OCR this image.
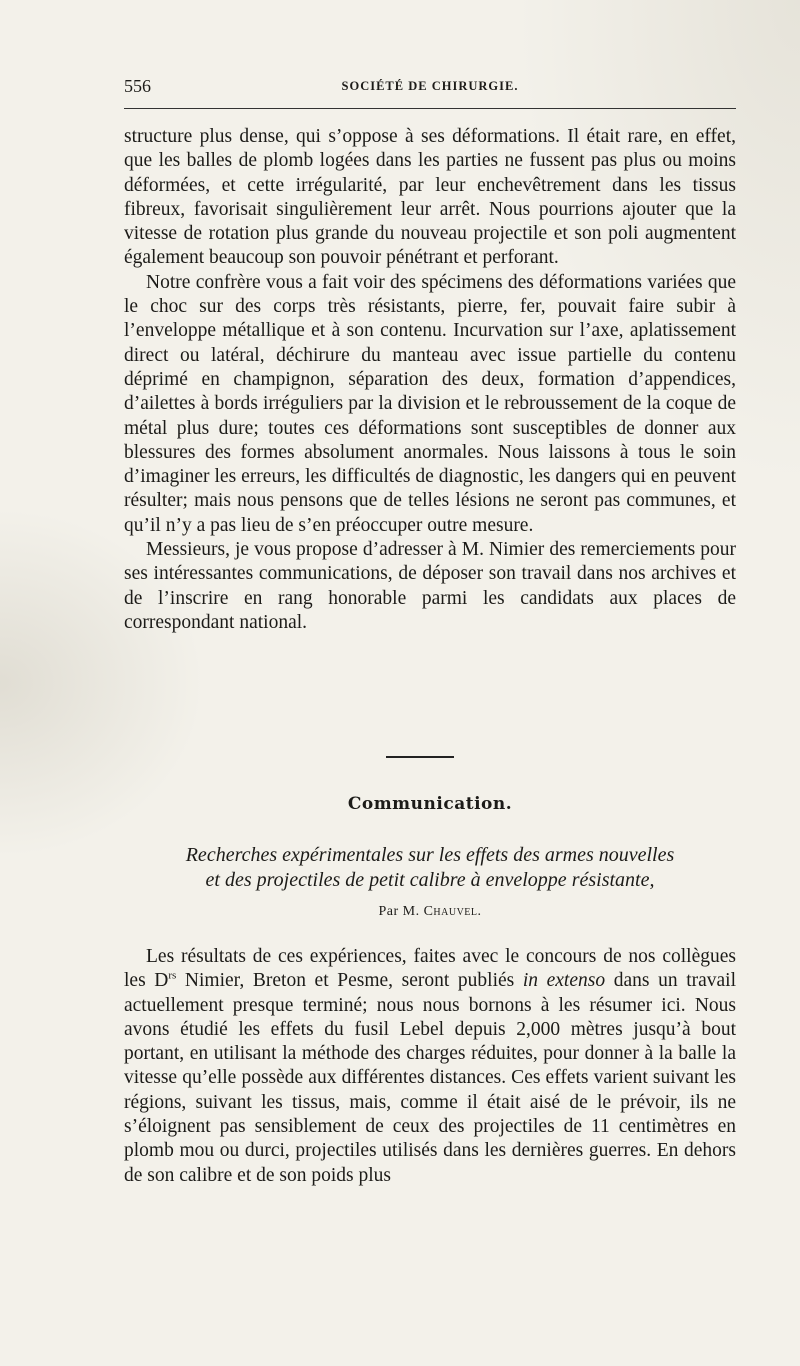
556	SOCIÉTÉ DE CHIRURGIE.

structure plus dense, qui s’oppose à ses déformations. Il était rare, en effet, que les balles de plomb logées dans les parties ne fussent pas plus ou moins déformées, et cette irrégularité, par leur enchevêtrement dans les tissus fibreux, favorisait singulièrement leur arrêt. Nous pourrions ajouter que la vitesse de rotation plus grande du nouveau projectile et son poli augmentent également beaucoup son pouvoir pénétrant et perforant.

Notre confrère vous a fait voir des spécimens des déformations variées que le choc sur des corps très résistants, pierre, fer, pouvait faire subir à l’enveloppe métallique et à son contenu. Incurvation sur l’axe, aplatissement direct ou latéral, déchirure du manteau avec issue partielle du contenu déprimé en champignon, séparation des deux, formation d’appendices, d’ailettes à bords irréguliers par la division et le rebroussement de la coque de métal plus dure; toutes ces déformations sont susceptibles de donner aux blessures des formes absolument anormales. Nous laissons à tous le soin d’imaginer les erreurs, les difficultés de diagnostic, les dangers qui en peuvent résulter; mais nous pensons que de telles lésions ne seront pas communes, et qu’il n’y a pas lieu de s’en préoccuper outre mesure.

Messieurs, je vous propose d’adresser à M. Nimier des remerciements pour ses intéressantes communications, de déposer son travail dans nos archives et de l’inscrire en rang honorable parmi les candidats aux places de correspondant national.

Communication.
Recherches expérimentales sur les effets des armes nouvelles
et des projectiles de petit calibre à enveloppe résistante,
Par M. Chauvel.

Les résultats de ces expériences, faites avec le concours de nos collègues les $D^{rs}$ Nimier, Breton et Pesme, seront publiés in extenso dans un travail actuellement presque terminé; nous nous bornons à les résumer ici. Nous avons étudié les effets du fusil Lebel depuis 2,000 mètres jusqu’à bout portant, en utilisant la méthode des charges réduites, pour donner à la balle la vitesse qu’elle possède aux différentes distances. Ces effets varient suivant les régions, suivant les tissus, mais, comme il était aisé de le prévoir, ils ne s’éloignent pas sensiblement de ceux des projectiles de 11 centimètres en plomb mou ou durci, projectiles utilisés dans les dernières guerres. En dehors de son calibre et de son poids plus
